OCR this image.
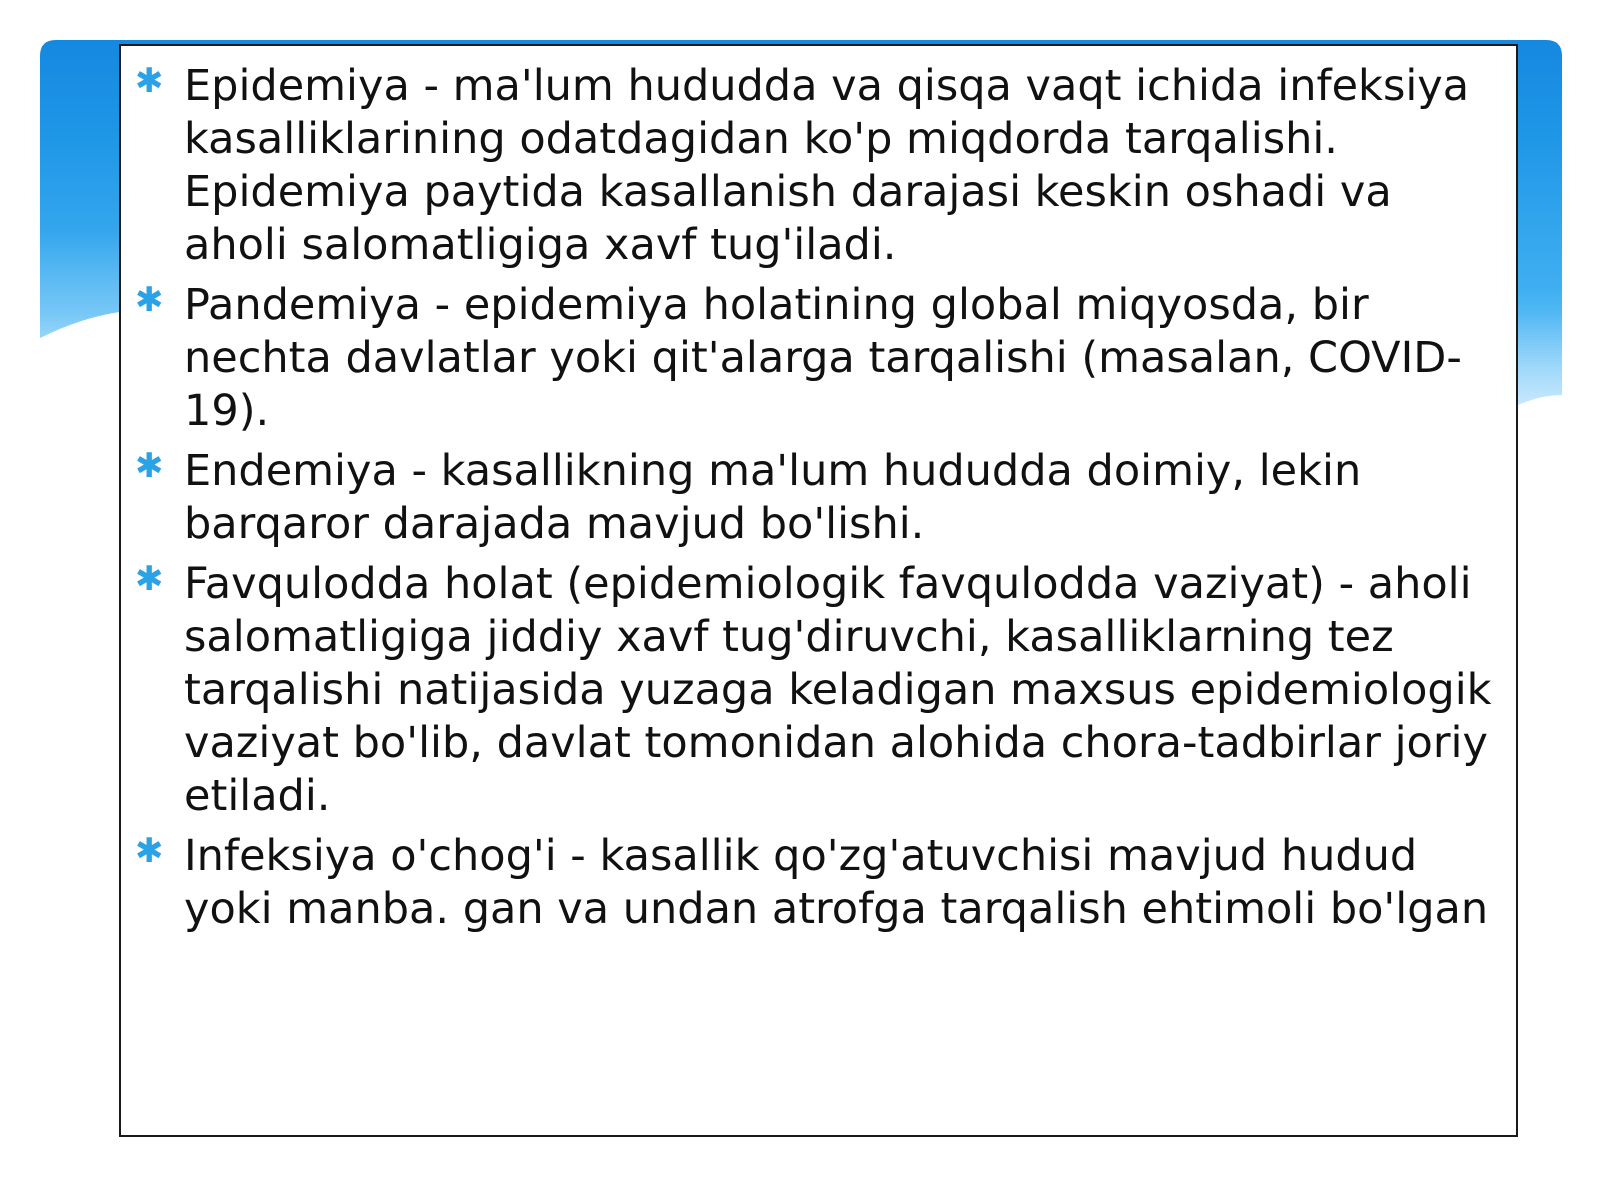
✱ Epidemiya - ma'lum hududda va qisqa vaqt ichida infeksiya kasalliklarining odatdagidan ko'p miqdorda tarqalishi. Epidemiya paytida kasallanish darajasi keskin oshadi va aholi salomatligiga xavf tug'iladi.
✱ Pandemiya - epidemiya holatining global miqyosda, bir nechta davlatlar yoki qit'alarga tarqalishi (masalan, COVID-19).
✱ Endemiya - kasallikning ma'lum hududda doimiy, lekin barqaror darajada mavjud bo'lishi.
✱ Favqulodda holat (epidemiologik favqulodda vaziyat) - aholi salomatligiga jiddiy xavf tug'diruvchi, kasalliklarning tez tarqalishi natijasida yuzaga keladigan maxsus epidemiologik vaziyat bo'lib, davlat tomonidan alohida chora-tadbirlar joriy etiladi.
✱ Infeksiya o'chog'i - kasallik qo'zg'atuvchisi mavjud hudud yoki manba. gan va undan atrofga tarqalish ehtimoli bo'lgan
